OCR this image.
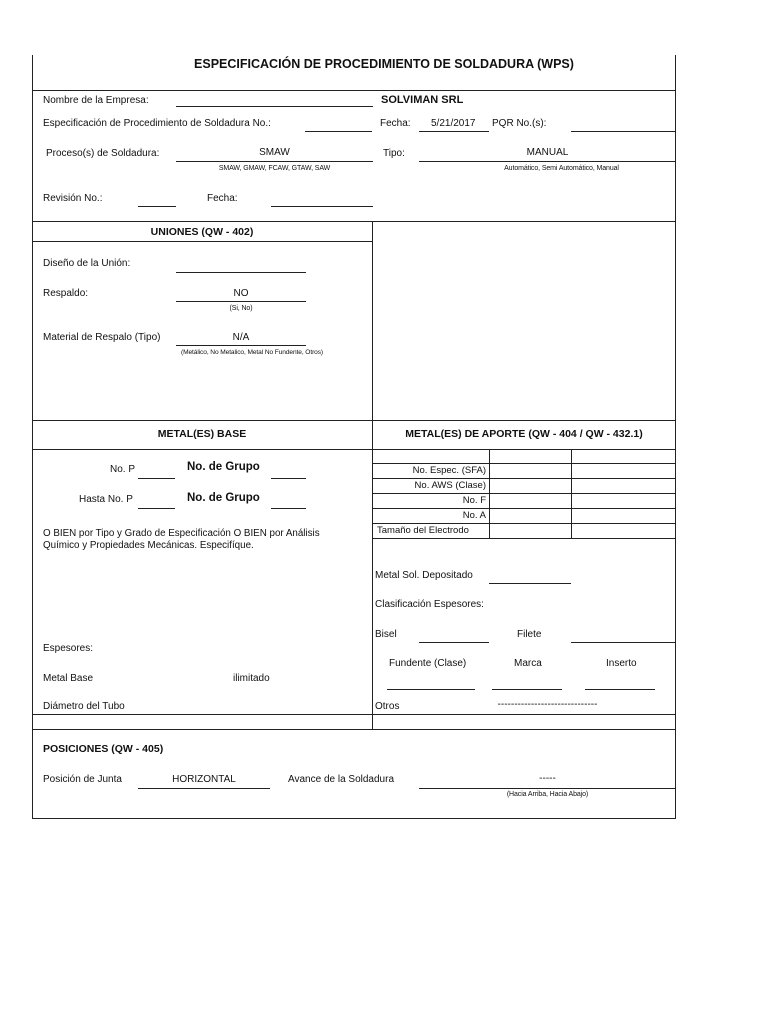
ESPECIFICACIÓN DE PROCEDIMIENTO DE SOLDADURA (WPS)
Nombre de la Empresa:	SOLVIMAN SRL
Especificación de Procedimiento de Soldadura No.:	Fecha: 5/21/2017 PQR No.(s):
Proceso(s) de Soldadura:	SMAW
SMAW, GMAW, FCAW, GTAW, SAW
Tipo:	MANUAL
Automático, Semi Automático, Manual
Revisión No.:	Fecha:
UNIONES (QW - 402)
Diseño de la Unión:
Respaldo:	NO
(Si, No)
Material de Respalo (Tipo)	N/A
(Metálico, No Metalico, Metal No Fundente, Otros)
METAL(ES) BASE
No. P	No. de Grupo
Hasta No. P	No. de Grupo
O BIEN por Tipo y Grado de Especificación O BIEN por Análisis
Químico y Propiedades Mecánicas. Especifíque.
Espesores:
Metal Base	ilimitado
Diámetro del Tubo
METAL(ES) DE APORTE (QW - 404 / QW - 432.1)
No. Espec. (SFA)
No. AWS (Clase)
No. F
No. A
Tamaño del Electrodo
Metal Sol. Depositado
Clasificación Espesores:
Bisel	Filete
Fundente (Clase)	Marca	Inserto
Otros	------------------------------
POSICIONES (QW - 405)
Posición de Junta	HORIZONTAL	Avance de la Soldadura	-----
(Hacia Arriba, Hacia Abajo)
